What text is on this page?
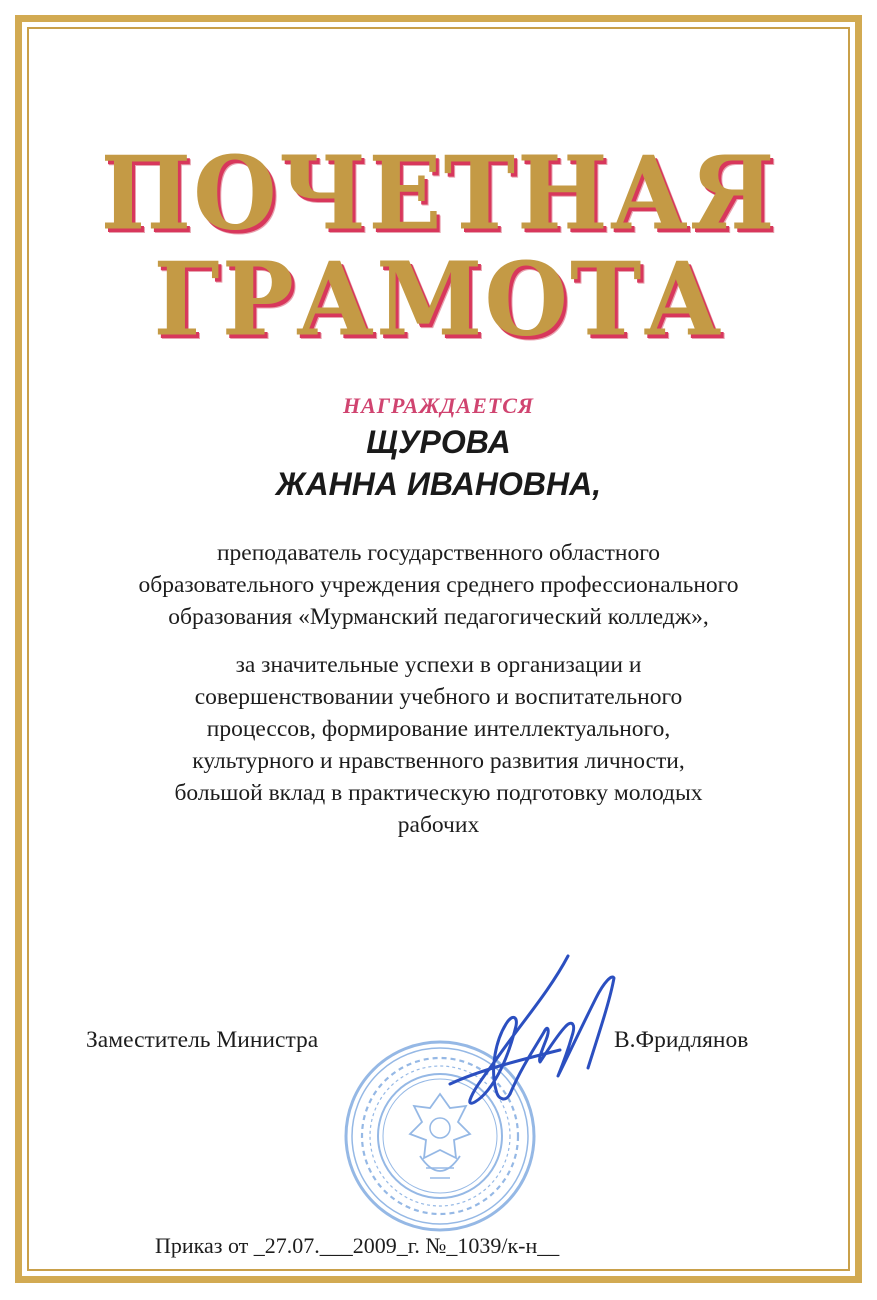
ПОЧЕТНАЯ
ГРАМОТА
НАГРАЖДАЕТСЯ
ЩУРОВА
ЖАННА ИВАНОВНА,
преподаватель государственного областного
образовательного учреждения среднего профессионального
образования «Мурманский педагогический колледж»,
за значительные успехи в организации и
совершенствовании учебного и воспитательного
процессов, формирование интеллектуального,
культурного и нравственного развития личности,
большой вклад в практическую подготовку молодых
рабочих
Заместитель Министра	В.Фридлянов
Приказ от _27.07.___2009_г. №_1039/к-н__
